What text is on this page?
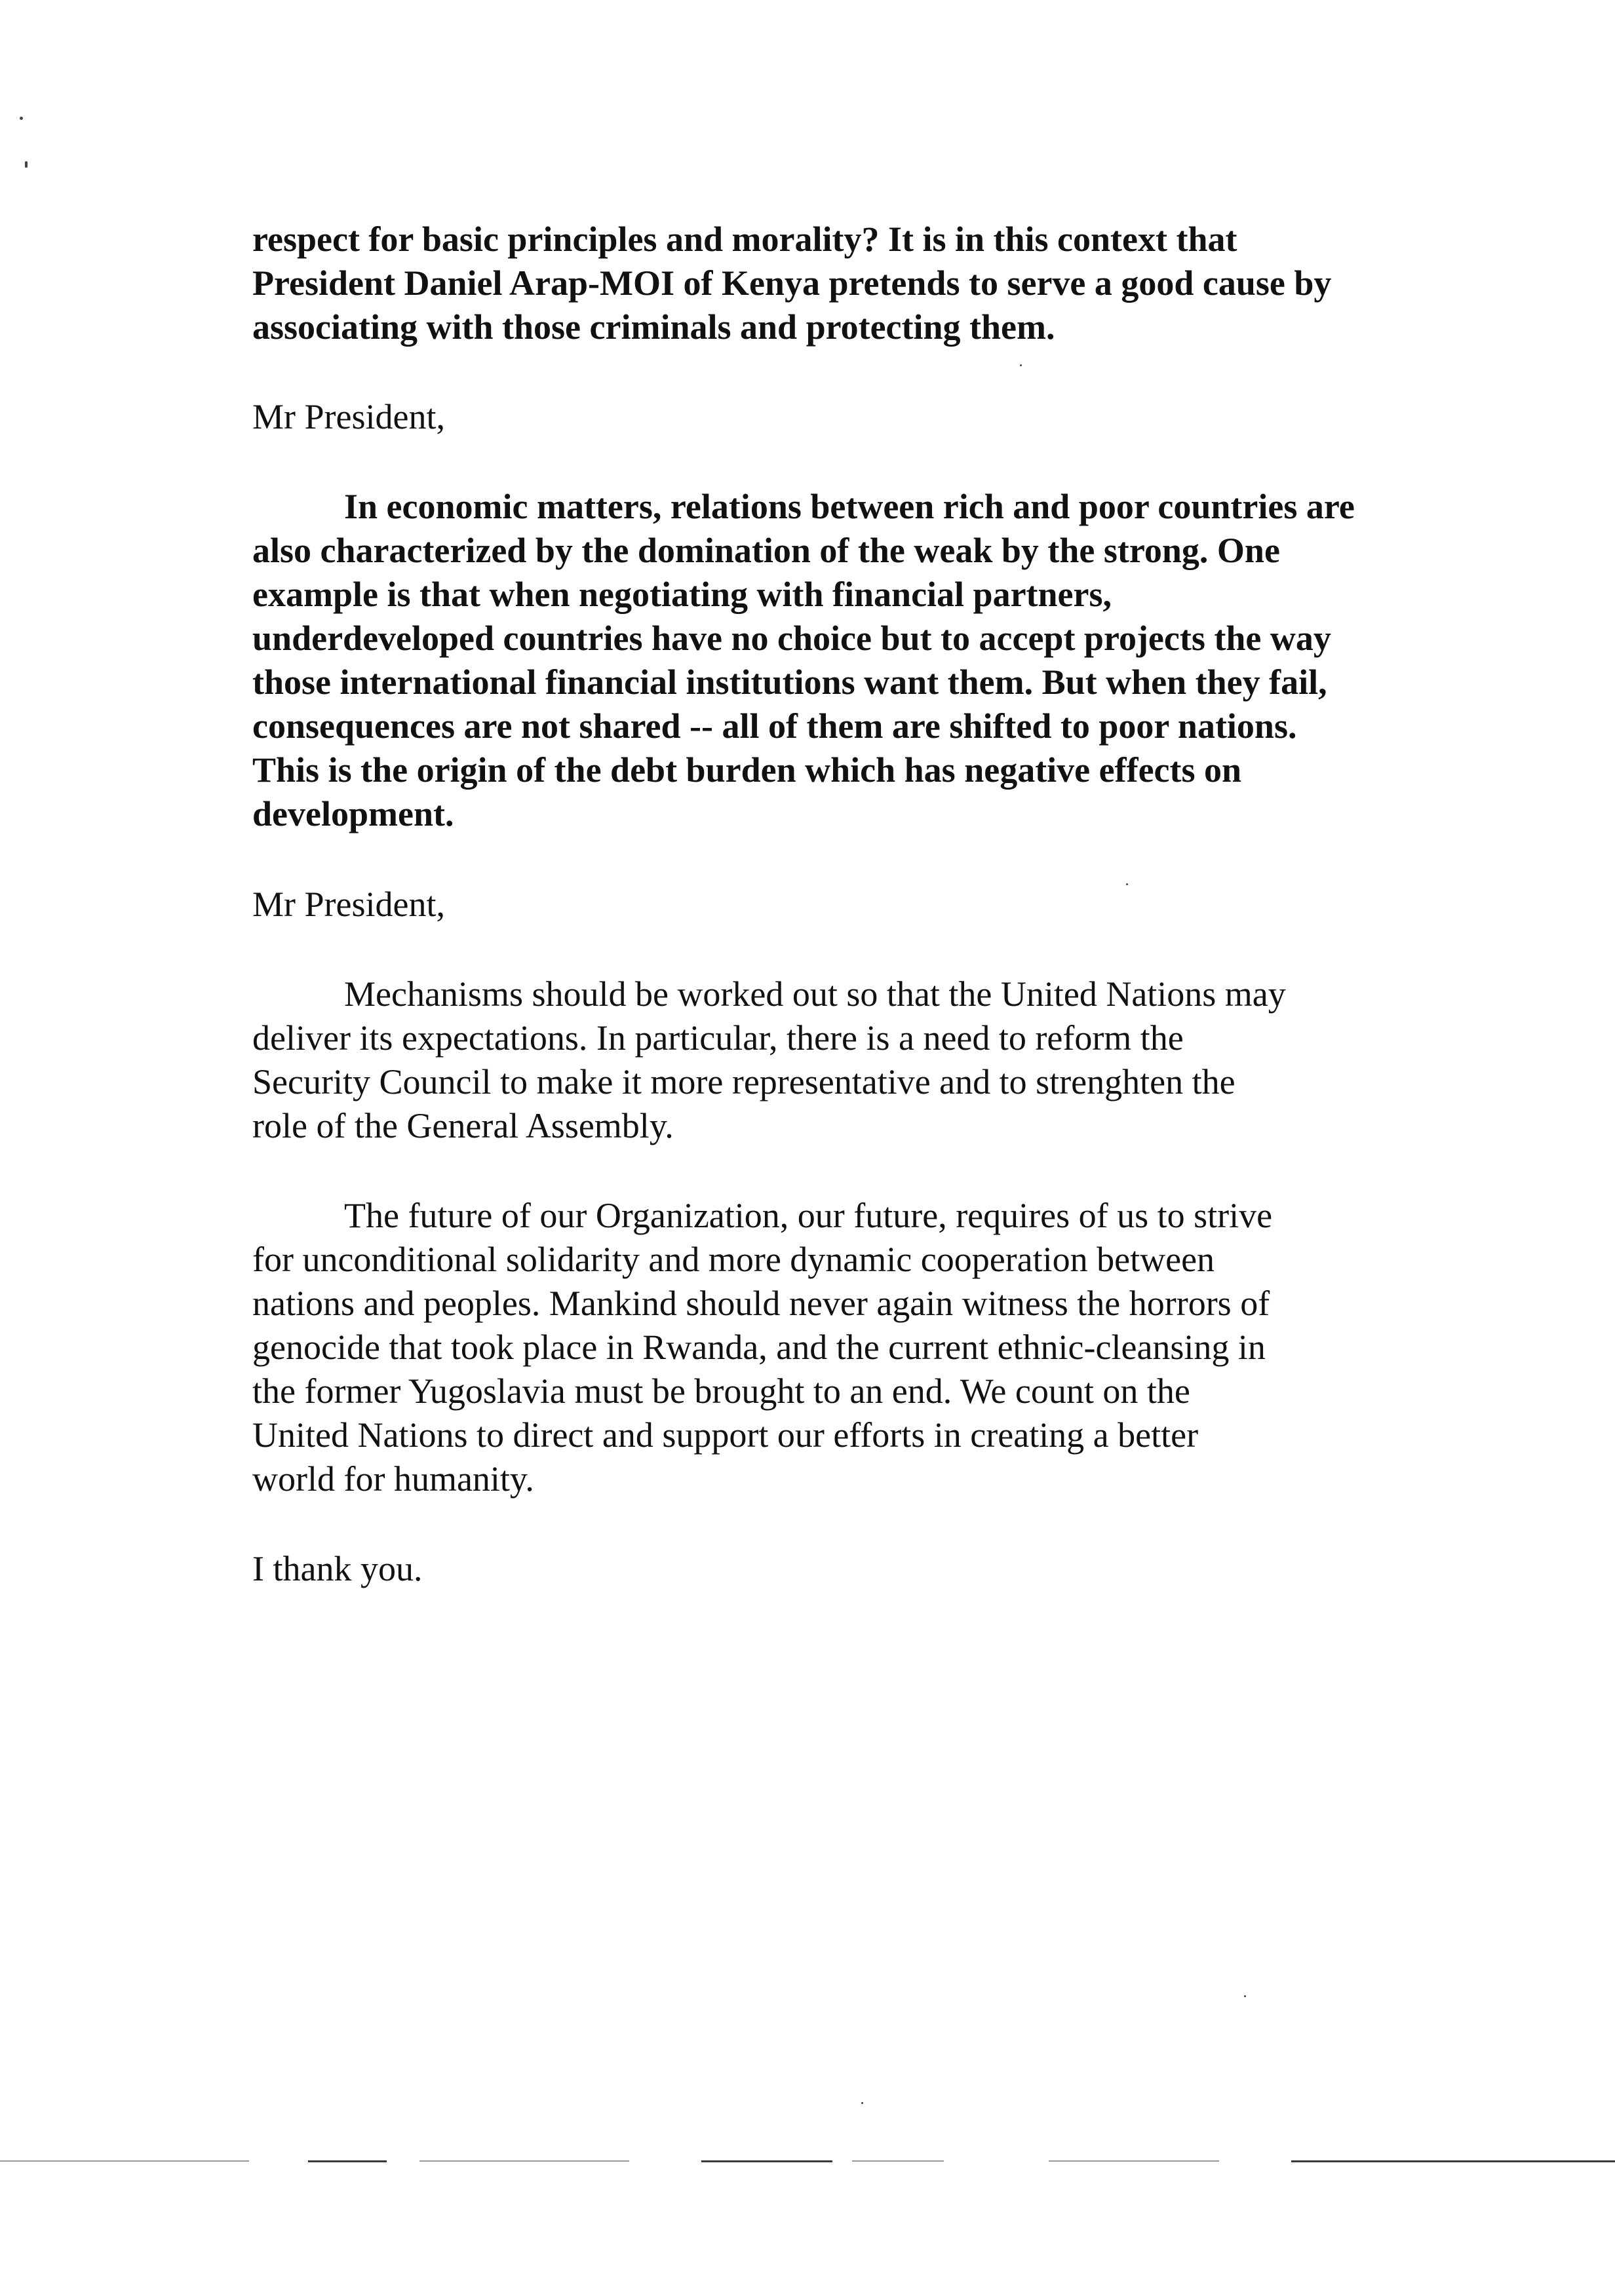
respect for basic principles and morality? It is in this context that
President Daniel Arap-MOI of Kenya pretends to serve a good cause by
associating with those criminals and protecting them.
Mr President,
In economic matters, relations between rich and poor countries are
also characterized by the domination of the weak by the strong. One
example is that when negotiating with financial partners,
underdeveloped countries have no choice but to accept projects the way
those international financial institutions want them. But when they fail,
consequences are not shared -- all of them are shifted to poor nations.
This is the origin of the debt burden which has negative effects on
development.
Mr President,
Mechanisms should be worked out so that the United Nations may
deliver its expectations. In particular, there is a need to reform the
Security Council to make it more representative and to strenghten the
role of the General Assembly.
The future of our Organization, our future, requires of us to strive
for unconditional solidarity and more dynamic cooperation between
nations and peoples. Mankind should never again witness the horrors of
genocide that took place in Rwanda, and the current ethnic-cleansing in
the former Yugoslavia must be brought to an end. We count on the
United Nations to direct and support our efforts in creating a better
world for humanity.
I thank you.
